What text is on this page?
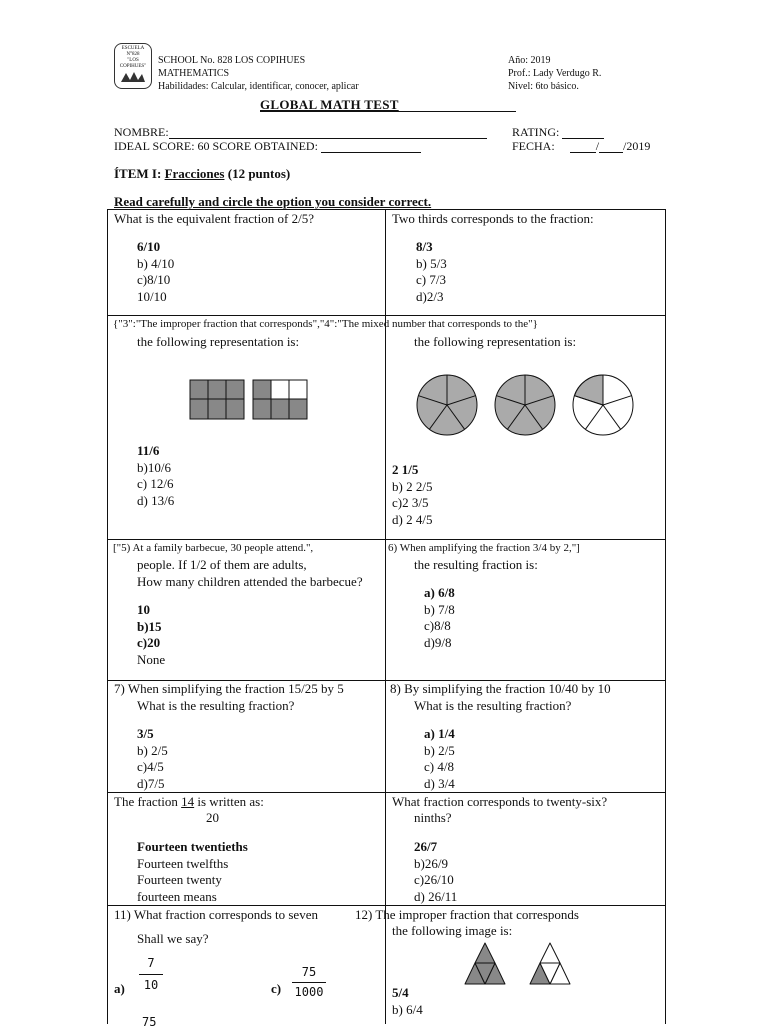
ESCUELA
N°828
"LOS
COPIHUES"
SCHOOL No. 828 LOS COPIHUES
MATHEMATICS
Habilidades: Calcular, identificar, conocer, aplicar
Año: 2019
Prof.: Lady Verdugo R.
Nivel: 6to básico.
GLOBAL MATH TEST
NOMBRE:	RATING:
IDEAL SCORE: 60 SCORE OBTAINED:	FECHA:	/ /2019
ÍTEM I: Fracciones (12 puntos)
Read carefully and circle the option you consider correct.
What is the equivalent fraction of 2/5?
6/10
b) 4/10
c)8/10
10/10
Two thirds corresponds to the fraction:
8/3
b) 5/3
c) 7/3
d)2/3
{"3":"The improper fraction that corresponds","4":"The mixed number that corresponds to the"}
the following representation is:	the following representation is:
11/6
b)10/6
c) 12/6
d) 13/6
2 1/5
b) 2 2/5
c)2 3/5
d) 2 4/5
["5) At a family barbecue, 30 people attend.",	6) When amplifying the fraction 3/4 by 2,"]
people. If 1/2 of them are adults,
How many children attended the barbecue?
the resulting fraction is:
10
b)15
c)20
None
a) 6/8
b) 7/8
c)8/8
d)9/8
7) When simplifying the fraction 15/25 by 5	8) By simplifying the fraction 10/40 by 10
What is the resulting fraction?	What is the resulting fraction?
3/5
b) 2/5
c)4/5
d)7/5
a) 1/4
b) 2/5
c) 4/8
d) 3/4
The fraction 14 is written as:
20
What fraction corresponds to twenty-six?
ninths?
Fourteen twentieths
Fourteen twelfths
Fourteen twenty
fourteen means
26/7
b)26/9
c)26/10
d) 26/11
11) What fraction corresponds to seven
Shall we say?
$a) \frac{7}{10}$	$c) \frac{75}{1000}$
75
12) The improper fraction that corresponds
the following image is:
5/4
b) 6/4
